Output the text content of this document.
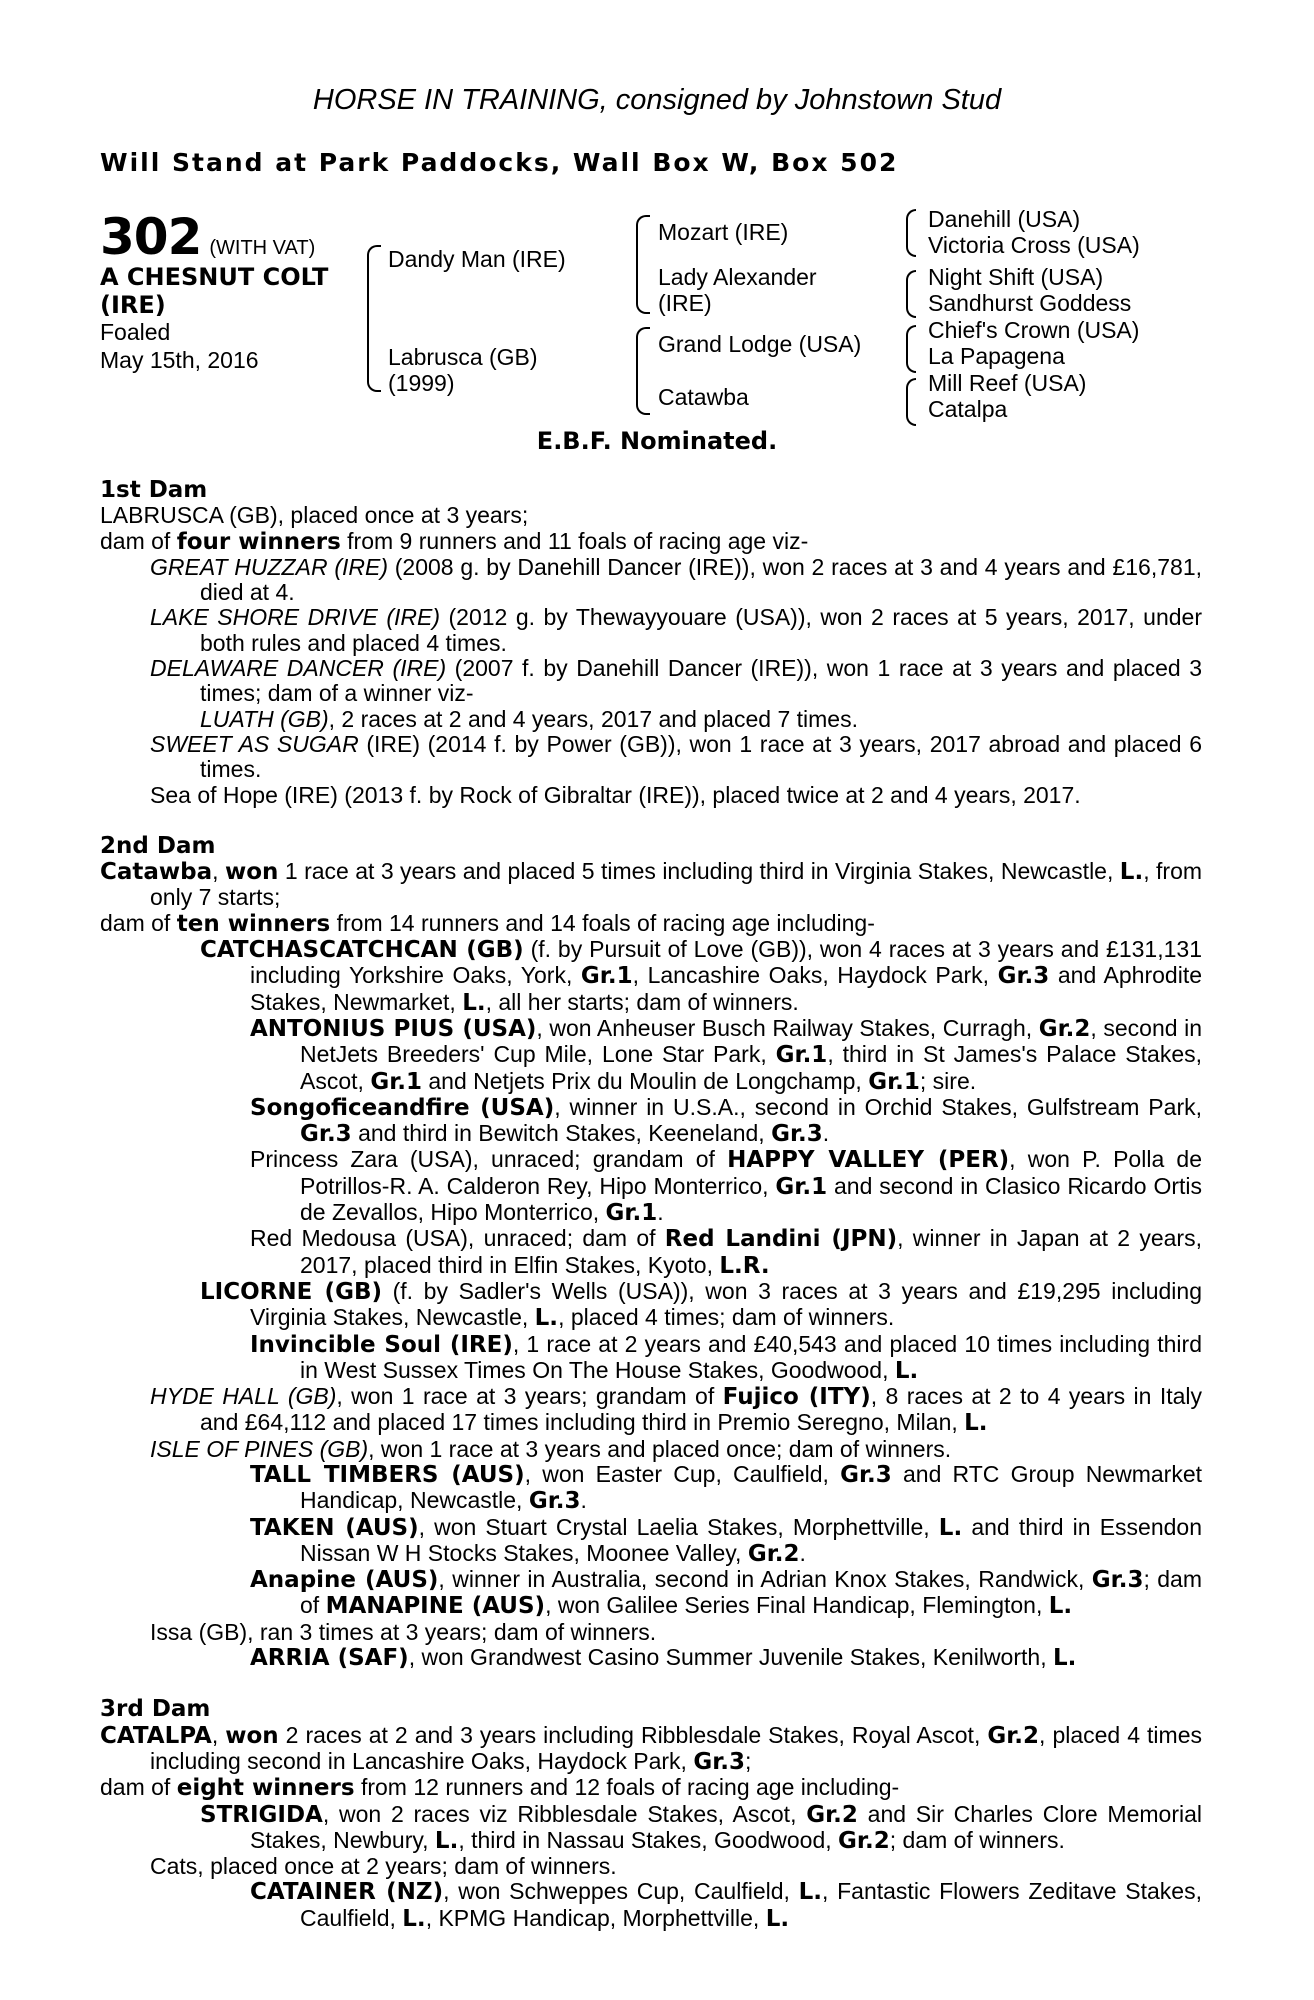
HORSE IN TRAINING, consigned by Johnstown Stud
Will Stand at Park Paddocks, Wall Box W, Box 502
302 (WITH VAT)
A CHESNUT COLT
(IRE)
Foaled
May 15th, 2016
Dandy Man (IRE)
Labrusca (GB)
(1999)
Mozart (IRE)
Lady Alexander
(IRE)
Grand Lodge (USA)
Catawba
Danehill (USA)
Victoria Cross (USA)
Night Shift (USA)
Sandhurst Goddess
Chief's Crown (USA)
La Papagena
Mill Reef (USA)
Catalpa
E.B.F. Nominated.
1st Dam
LABRUSCA (GB), placed once at 3 years;
dam of four winners from 9 runners and 11 foals of racing age viz-
GREAT HUZZAR (IRE) (2008 g. by Danehill Dancer (IRE)), won 2 races at 3 and 4 years and £16,781, died at 4.
LAKE SHORE DRIVE (IRE) (2012 g. by Thewayyouare (USA)), won 2 races at 5 years, 2017, under both rules and placed 4 times.
DELAWARE DANCER (IRE) (2007 f. by Danehill Dancer (IRE)), won 1 race at 3 years and placed 3 times; dam of a winner viz-
LUATH (GB), 2 races at 2 and 4 years, 2017 and placed 7 times.
SWEET AS SUGAR (IRE) (2014 f. by Power (GB)), won 1 race at 3 years, 2017 abroad and placed 6 times.
Sea of Hope (IRE) (2013 f. by Rock of Gibraltar (IRE)), placed twice at 2 and 4 years, 2017.
2nd Dam
Catawba, won 1 race at 3 years and placed 5 times including third in Virginia Stakes, Newcastle, L., from only 7 starts;
dam of ten winners from 14 runners and 14 foals of racing age including-
CATCHASCATCHCAN (GB) (f. by Pursuit of Love (GB)), won 4 races at 3 years and £131,131 including Yorkshire Oaks, York, Gr.1, Lancashire Oaks, Haydock Park, Gr.3 and Aphrodite Stakes, Newmarket, L., all her starts; dam of winners.
ANTONIUS PIUS (USA), won Anheuser Busch Railway Stakes, Curragh, Gr.2, second in NetJets Breeders' Cup Mile, Lone Star Park, Gr.1, third in St James's Palace Stakes, Ascot, Gr.1 and Netjets Prix du Moulin de Longchamp, Gr.1; sire.
Songoficeandfire (USA), winner in U.S.A., second in Orchid Stakes, Gulfstream Park, Gr.3 and third in Bewitch Stakes, Keeneland, Gr.3.
Princess Zara (USA), unraced; grandam of HAPPY VALLEY (PER), won P. Polla de Potrillos-R. A. Calderon Rey, Hipo Monterrico, Gr.1 and second in Clasico Ricardo Ortis de Zevallos, Hipo Monterrico, Gr.1.
Red Medousa (USA), unraced; dam of Red Landini (JPN), winner in Japan at 2 years, 2017, placed third in Elfin Stakes, Kyoto, L.R.
LICORNE (GB) (f. by Sadler's Wells (USA)), won 3 races at 3 years and £19,295 including Virginia Stakes, Newcastle, L., placed 4 times; dam of winners.
Invincible Soul (IRE), 1 race at 2 years and £40,543 and placed 10 times including third in West Sussex Times On The House Stakes, Goodwood, L.
HYDE HALL (GB), won 1 race at 3 years; grandam of Fujico (ITY), 8 races at 2 to 4 years in Italy and £64,112 and placed 17 times including third in Premio Seregno, Milan, L.
ISLE OF PINES (GB), won 1 race at 3 years and placed once; dam of winners.
TALL TIMBERS (AUS), won Easter Cup, Caulfield, Gr.3 and RTC Group Newmarket Handicap, Newcastle, Gr.3.
TAKEN (AUS), won Stuart Crystal Laelia Stakes, Morphettville, L. and third in Essendon Nissan W H Stocks Stakes, Moonee Valley, Gr.2.
Anapine (AUS), winner in Australia, second in Adrian Knox Stakes, Randwick, Gr.3; dam of MANAPINE (AUS), won Galilee Series Final Handicap, Flemington, L.
Issa (GB), ran 3 times at 3 years; dam of winners.
ARRIA (SAF), won Grandwest Casino Summer Juvenile Stakes, Kenilworth, L.
3rd Dam
CATALPA, won 2 races at 2 and 3 years including Ribblesdale Stakes, Royal Ascot, Gr.2, placed 4 times including second in Lancashire Oaks, Haydock Park, Gr.3;
dam of eight winners from 12 runners and 12 foals of racing age including-
STRIGIDA, won 2 races viz Ribblesdale Stakes, Ascot, Gr.2 and Sir Charles Clore Memorial Stakes, Newbury, L., third in Nassau Stakes, Goodwood, Gr.2; dam of winners.
Cats, placed once at 2 years; dam of winners.
CATAINER (NZ), won Schweppes Cup, Caulfield, L., Fantastic Flowers Zeditave Stakes, Caulfield, L., KPMG Handicap, Morphettville, L.
